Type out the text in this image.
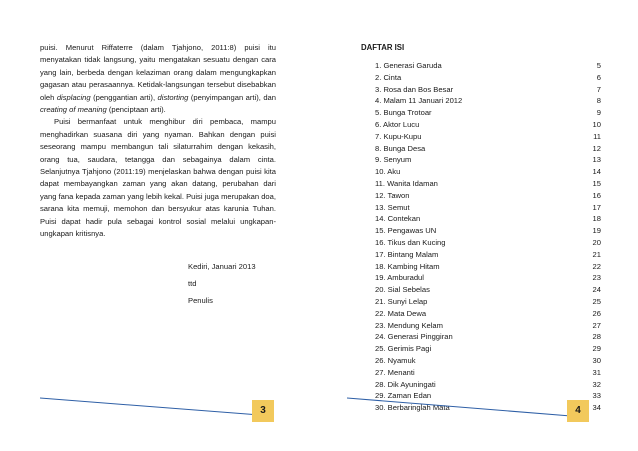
puisi. Menurut Riffaterre (dalam Tjahjono, 2011:8) puisi itu menyatakan tidak langsung, yaitu mengatakan sesuatu dengan cara yang lain, berbeda dengan kelaziman orang dalam mengungkapkan gagasan atau perasaannya. Ketidak-langsungan tersebut disebabkan oleh displacing (penggantian arti), distorting (penyimpangan arti), dan creating of meaning (penciptaan arti).

Puisi bermanfaat untuk menghibur diri pembaca, mampu menghadirkan suasana diri yang nyaman. Bahkan dengan puisi seseorang mampu membangun tali silaturrahim dengan kekasih, orang tua, saudara, tetangga dan sebagainya dalam cinta. Selanjutnya Tjahjono (2011:19) menjelaskan bahwa dengan puisi kita dapat membayangkan zaman yang akan datang, perubahan dari yang fana kepada zaman yang lebih kekal. Puisi juga merupakan doa, sarana kita memuji, memohon dan bersyukur atas karunia Tuhan. Puisi dapat hadir pula sebagai kontrol sosial melalui ungkapan-ungkapan kritisnya.

Kediri, Januari 2013
ttd
Penulis
3
DAFTAR ISI
1. Generasi Garuda	5
2. Cinta	6
3. Rosa dan Bos Besar	7
4. Malam 11 Januari 2012	8
5. Bunga Trotoar	9
6. Aktor Lucu	10
7. Kupu-Kupu	11
8. Bunga Desa	12
9. Senyum	13
10. Aku	14
11. Wanita Idaman	15
12. Tawon	16
13. Semut	17
14. Contekan	18
15. Pengawas UN	19
16. Tikus dan Kucing	20
17. Bintang Malam	21
18. Kambing Hitam	22
19. Amburadul	23
20. Sial Sebelas	24
21. Sunyi Lelap	25
22. Mata Dewa	26
23. Mendung Kelam	27
24. Generasi Pinggiran	28
25. Gerimis Pagi	29
26. Nyamuk	30
27. Menanti	31
28. Dik Ayuningati	32
29. Zaman Edan	33
30. Berbaringlah Mata	34
4
